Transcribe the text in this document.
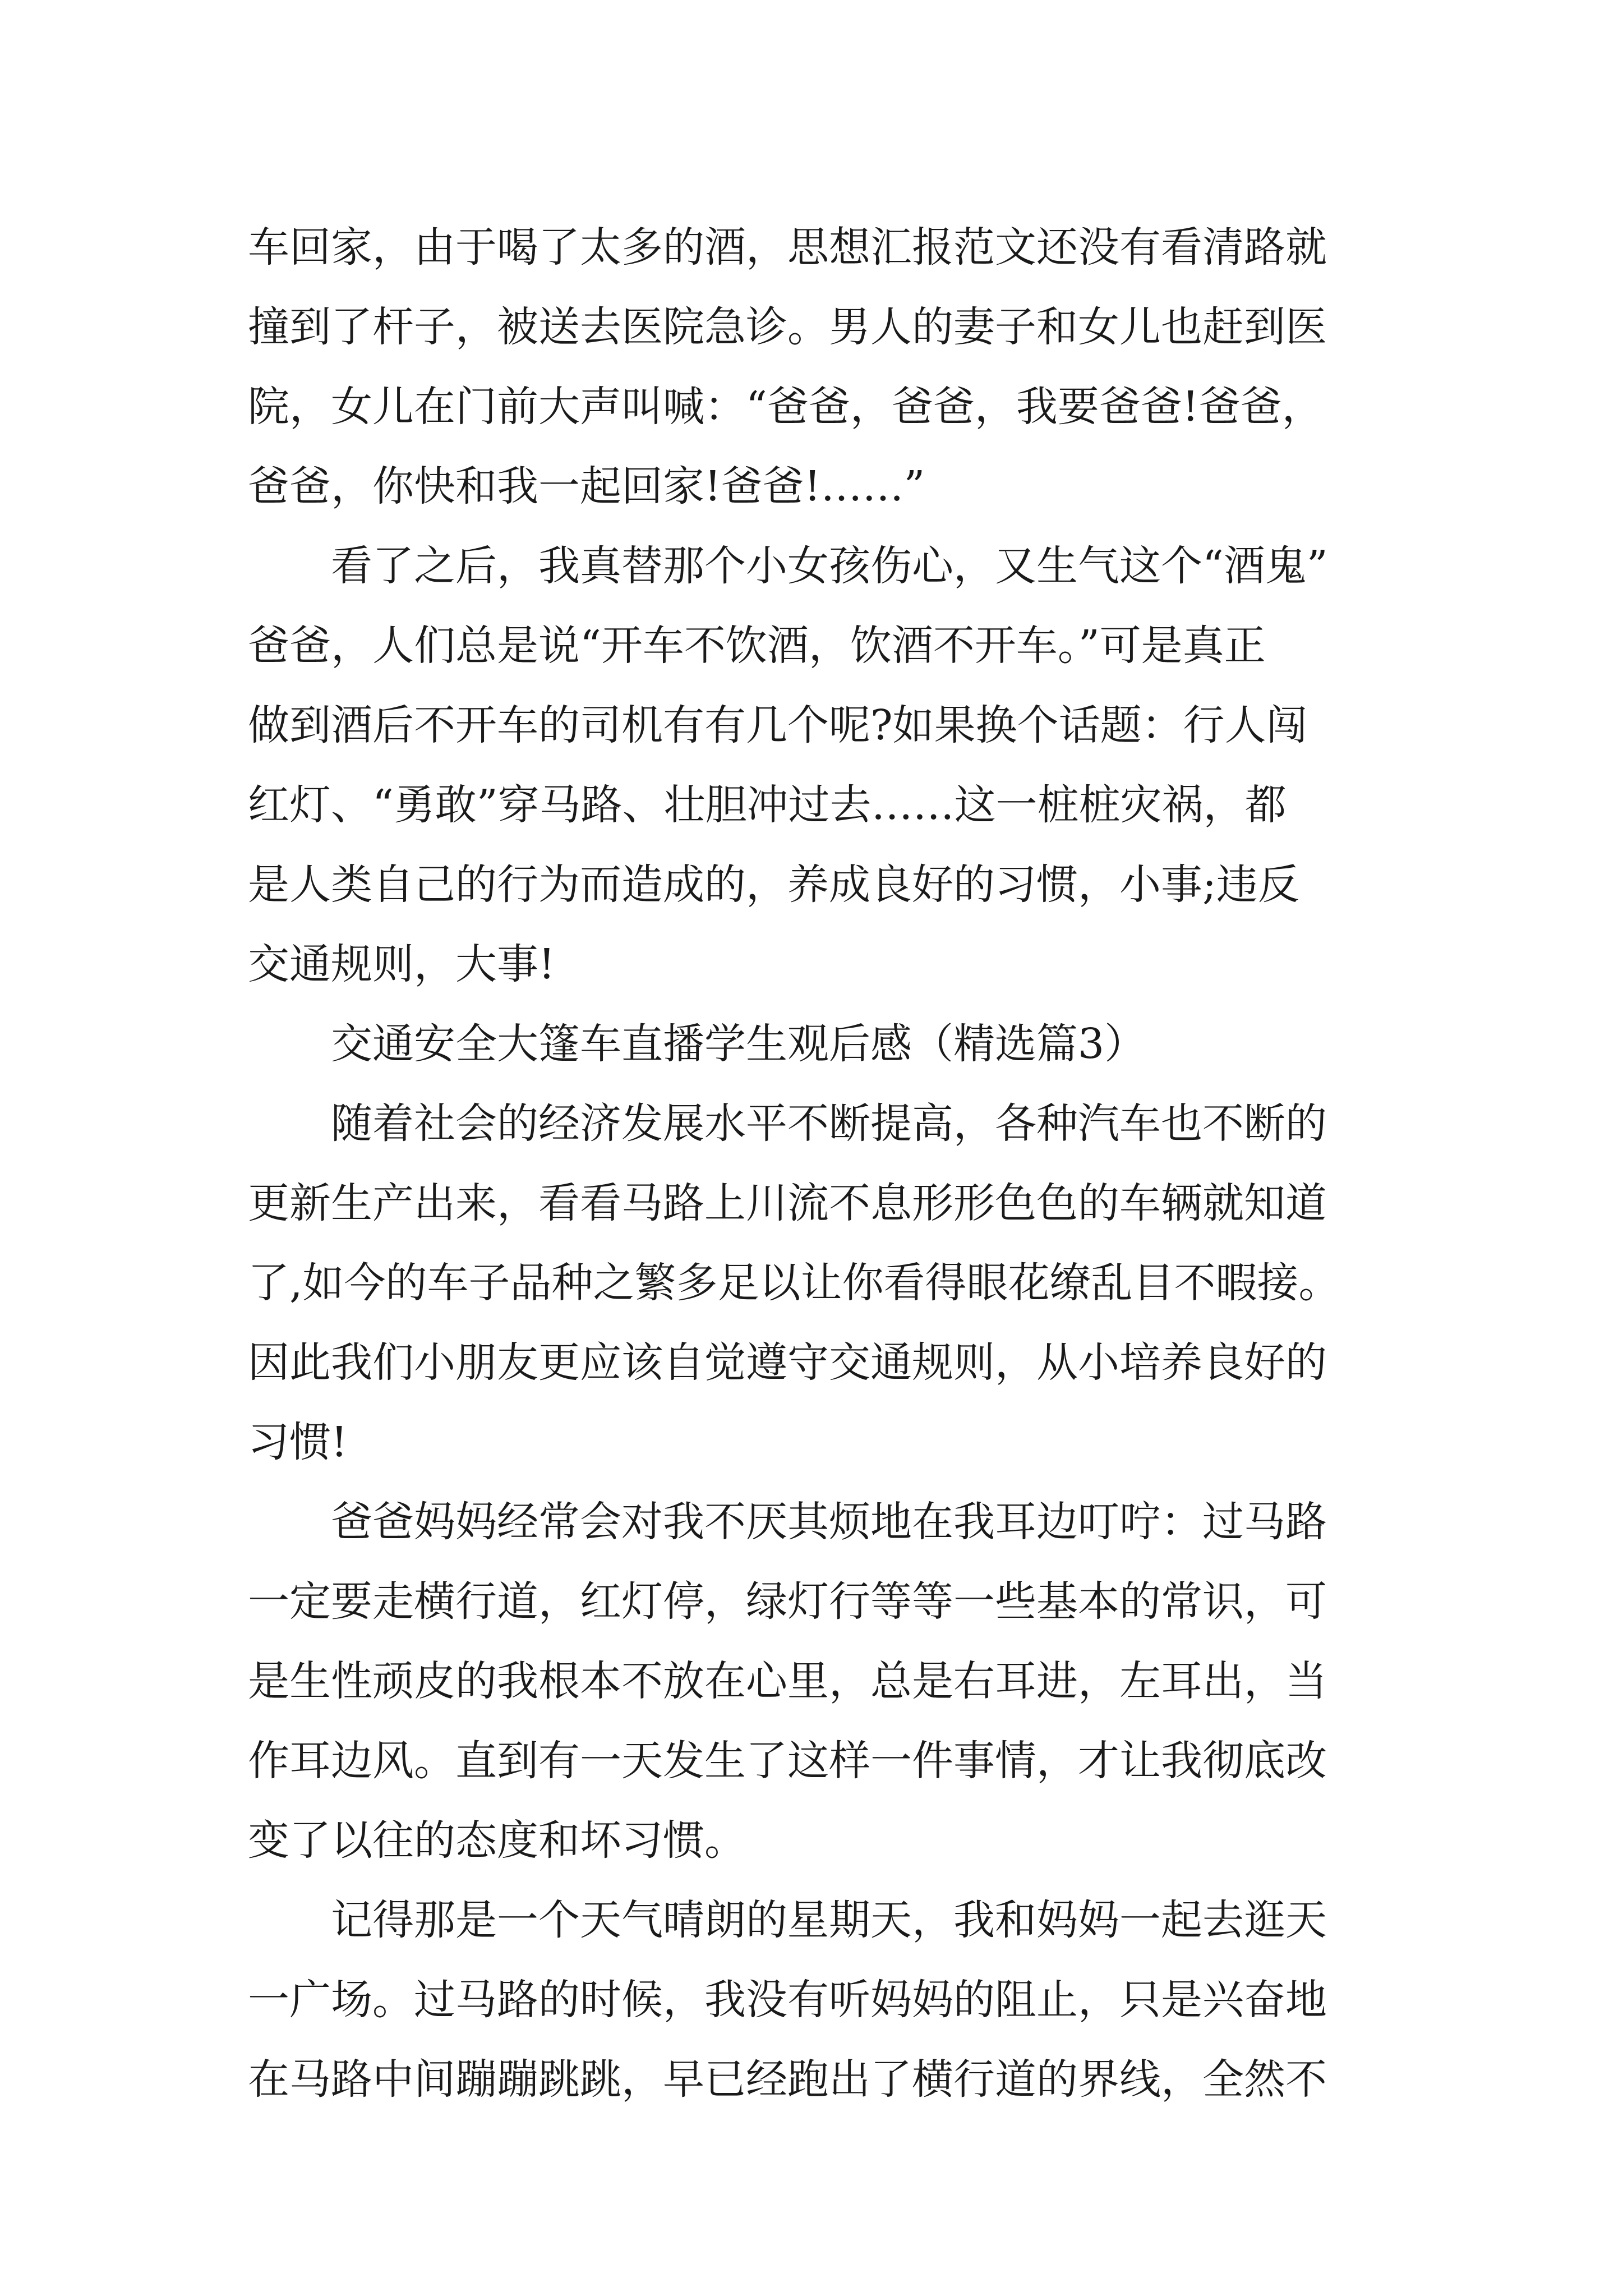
车回家，由于喝了太多的酒，思想汇报范文还没有看清路就
撞到了杆子，被送去医院急诊。男人的妻子和女儿也赶到医
院，女儿在门前大声叫喊：“爸爸，爸爸，我要爸爸!爸爸，
爸爸，你快和我一起回家!爸爸!……”
看了之后，我真替那个小女孩伤心，又生气这个“酒鬼”
爸爸，人们总是说“开车不饮酒，饮酒不开车。”可是真正
做到酒后不开车的司机有有几个呢?如果换个话题：行人闯
红灯、“勇敢”穿马路、壮胆冲过去……这一桩桩灾祸，都
是人类自己的行为而造成的，养成良好的习惯，小事;违反
交通规则，大事!
交通安全大篷车直播学生观后感（精选篇3）
随着社会的经济发展水平不断提高，各种汽车也不断的
更新生产出来，看看马路上川流不息形形色色的车辆就知道
了,如今的车子品种之繁多足以让你看得眼花缭乱目不暇接。
因此我们小朋友更应该自觉遵守交通规则，从小培养良好的
习惯!
爸爸妈妈经常会对我不厌其烦地在我耳边叮咛：过马路
一定要走横行道，红灯停，绿灯行等等一些基本的常识，可
是生性顽皮的我根本不放在心里，总是右耳进，左耳出，当
作耳边风。直到有一天发生了这样一件事情，才让我彻底改
变了以往的态度和坏习惯。
记得那是一个天气晴朗的星期天，我和妈妈一起去逛天
一广场。过马路的时候，我没有听妈妈的阻止，只是兴奋地
在马路中间蹦蹦跳跳，早已经跑出了横行道的界线，全然不
